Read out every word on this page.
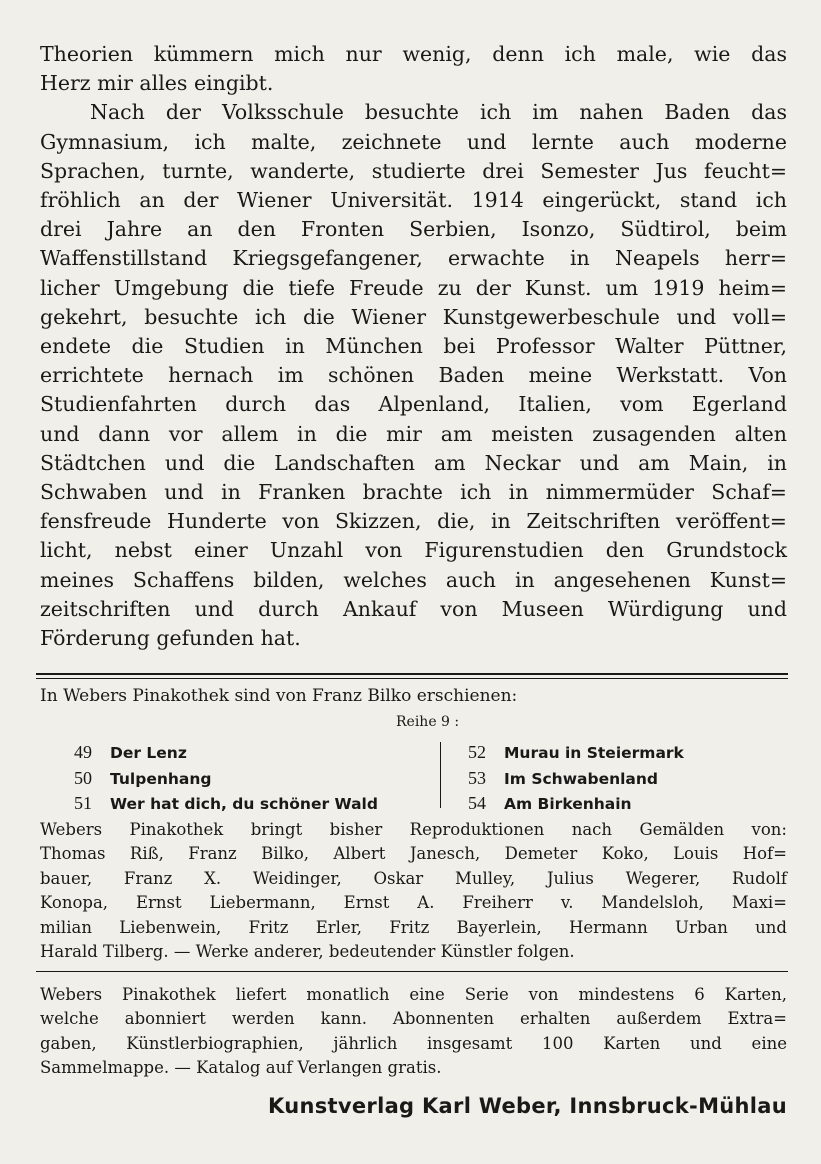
Theorien kümmern mich nur wenig, denn ich male, wie das
Herz mir alles eingibt.
Nach der Volksschule besuchte ich im nahen Baden das
Gymnasium, ich malte, zeichnete und lernte auch moderne
Sprachen, turnte, wanderte, studierte drei Semester Jus feucht=
fröhlich an der Wiener Universität. 1914 eingerückt, stand ich
drei Jahre an den Fronten Serbien, Isonzo, Südtirol, beim
Waffenstillstand Kriegsgefangener, erwachte in Neapels herr=
licher Umgebung die tiefe Freude zu der Kunst. um 1919 heim=
gekehrt, besuchte ich die Wiener Kunstgewerbeschule und voll=
endete die Studien in München bei Professor Walter Püttner,
errichtete hernach im schönen Baden meine Werkstatt. Von
Studienfahrten durch das Alpenland, Italien, vom Egerland
und dann vor allem in die mir am meisten zusagenden alten
Städtchen und die Landschaften am Neckar und am Main, in
Schwaben und in Franken brachte ich in nimmermüder Schaf=
fensfreude Hunderte von Skizzen, die, in Zeitschriften veröffent=
licht, nebst einer Unzahl von Figurenstudien den Grundstock
meines Schaffens bilden, welches auch in angesehenen Kunst=
zeitschriften und durch Ankauf von Museen Würdigung und
Förderung gefunden hat.
In Webers Pinakothek sind von Franz Bilko erschienen:
Reihe 9 :
49 Der Lenz
50 Tulpenhang
51 Wer hat dich, du schöner Wald
52 Murau in Steiermark
53 Im Schwabenland
54 Am Birkenhain
Webers Pinakothek bringt bisher Reproduktionen nach Gemälden von:
Thomas Riß, Franz Bilko, Albert Janesch, Demeter Koko, Louis Hof=
bauer, Franz X. Weidinger, Oskar Mulley, Julius Wegerer, Rudolf
Konopa, Ernst Liebermann, Ernst A. Freiherr v. Mandelsloh, Maxi=
milian Liebenwein, Fritz Erler, Fritz Bayerlein, Hermann Urban und
Harald Tilberg. — Werke anderer, bedeutender Künstler folgen.
Webers Pinakothek liefert monatlich eine Serie von mindestens 6 Karten,
welche abonniert werden kann. Abonnenten erhalten außerdem Extra=
gaben, Künstlerbiographien, jährlich insgesamt 100 Karten und eine
Sammelmappe. — Katalog auf Verlangen gratis.
Kunstverlag Karl Weber, Innsbruck-Mühlau
